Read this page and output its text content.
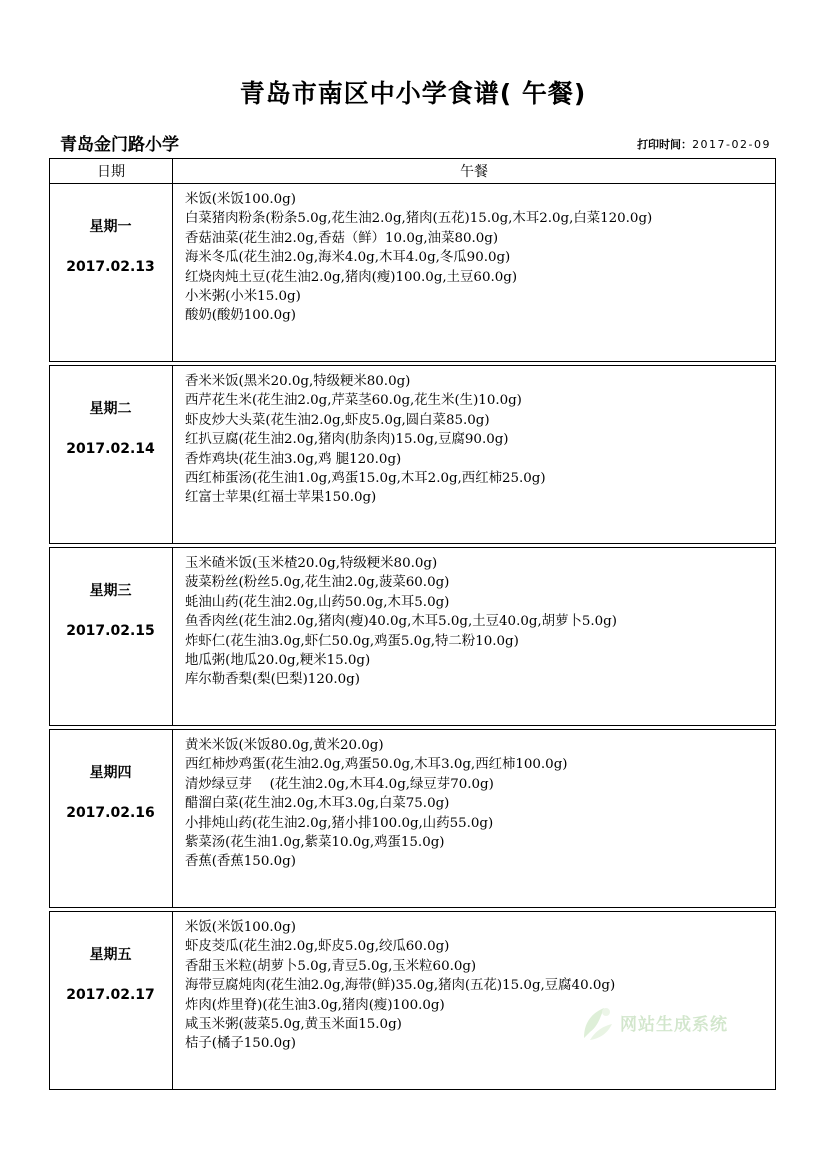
青岛市南区中小学食谱( 午餐)
青岛金门路小学	打印时间：2017-02-09
日期	午餐
星期一
2017.02.13
米饭(米饭100.0g)
白菜猪肉粉条(粉条5.0g,花生油2.0g,猪肉(五花)15.0g,木耳2.0g,白菜120.0g)
香菇油菜(花生油2.0g,香菇（鲜）10.0g,油菜80.0g)
海米冬瓜(花生油2.0g,海米4.0g,木耳4.0g,冬瓜90.0g)
红烧肉炖土豆(花生油2.0g,猪肉(瘦)100.0g,土豆60.0g)
小米粥(小米15.0g)
酸奶(酸奶100.0g)
星期二
2017.02.14
香米米饭(黑米20.0g,特级粳米80.0g)
西芹花生米(花生油2.0g,芹菜茎60.0g,花生米(生)10.0g)
虾皮炒大头菜(花生油2.0g,虾皮5.0g,圆白菜85.0g)
红扒豆腐(花生油2.0g,猪肉(肋条肉)15.0g,豆腐90.0g)
香炸鸡块(花生油3.0g,鸡 腿120.0g)
西红柿蛋汤(花生油1.0g,鸡蛋15.0g,木耳2.0g,西红柿25.0g)
红富士苹果(红福士苹果150.0g)
星期三
2017.02.15
玉米碴米饭(玉米楂20.0g,特级粳米80.0g)
菠菜粉丝(粉丝5.0g,花生油2.0g,菠菜60.0g)
蚝油山药(花生油2.0g,山药50.0g,木耳5.0g)
鱼香肉丝(花生油2.0g,猪肉(瘦)40.0g,木耳5.0g,土豆40.0g,胡萝卜5.0g)
炸虾仁(花生油3.0g,虾仁50.0g,鸡蛋5.0g,特二粉10.0g)
地瓜粥(地瓜20.0g,粳米15.0g)
库尔勒香梨(梨(巴梨)120.0g)
星期四
2017.02.16
黄米米饭(米饭80.0g,黄米20.0g)
西红柿炒鸡蛋(花生油2.0g,鸡蛋50.0g,木耳3.0g,西红柿100.0g)
清炒绿豆芽　 (花生油2.0g,木耳4.0g,绿豆芽70.0g)
醋溜白菜(花生油2.0g,木耳3.0g,白菜75.0g)
小排炖山药(花生油2.0g,猪小排100.0g,山药55.0g)
紫菜汤(花生油1.0g,紫菜10.0g,鸡蛋15.0g)
香蕉(香蕉150.0g)
星期五
2017.02.17
米饭(米饭100.0g)
虾皮茭瓜(花生油2.0g,虾皮5.0g,绞瓜60.0g)
香甜玉米粒(胡萝卜5.0g,青豆5.0g,玉米粒60.0g)
海带豆腐炖肉(花生油2.0g,海带(鲜)35.0g,猪肉(五花)15.0g,豆腐40.0g)
炸肉(炸里脊)(花生油3.0g,猪肉(瘦)100.0g)
咸玉米粥(菠菜5.0g,黄玉米面15.0g)
桔子(橘子150.0g)
网站生成系统
